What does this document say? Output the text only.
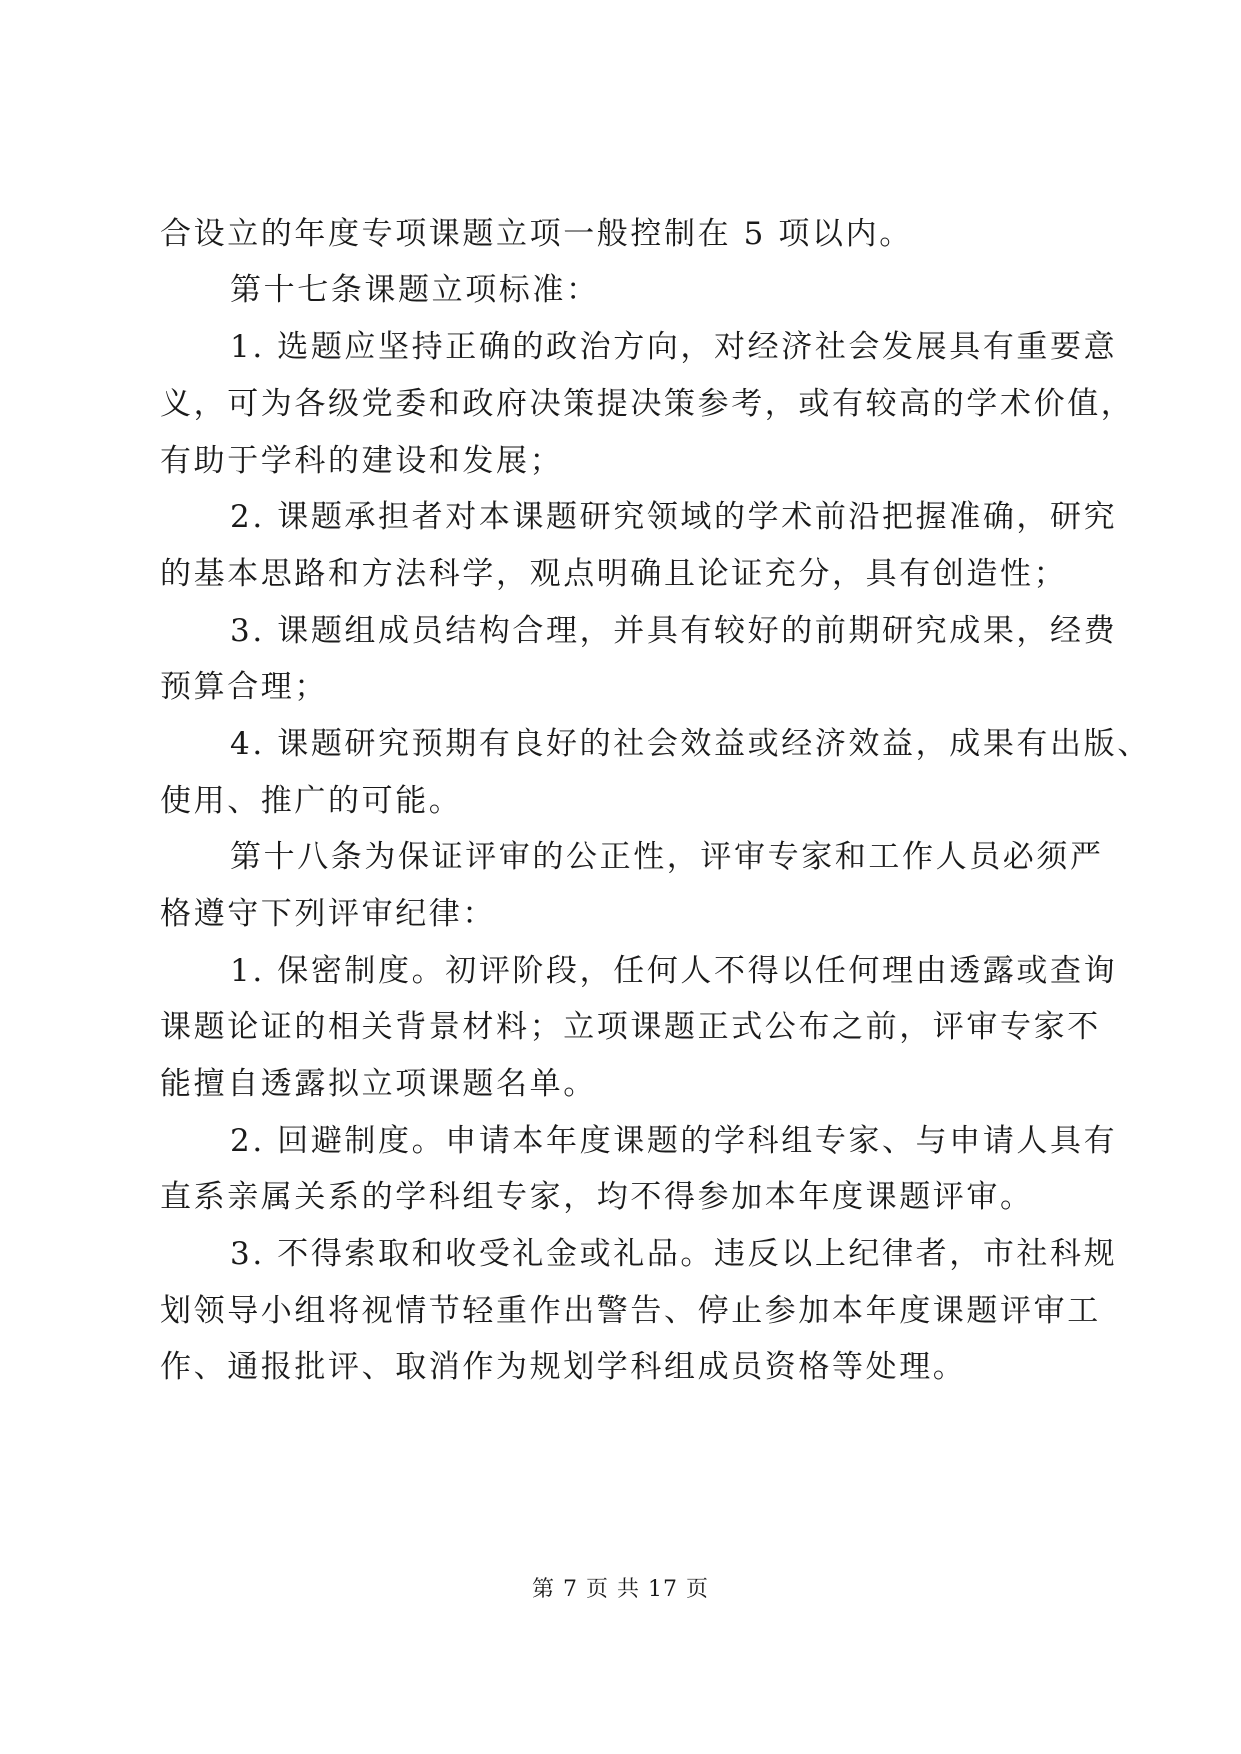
合设立的年度专项课题立项一般控制在 5 项以内。
第十七条课题立项标准：
1. 选题应坚持正确的政治方向，对经济社会发展具有重要意
义，可为各级党委和政府决策提决策参考，或有较高的学术价值，
有助于学科的建设和发展；
2. 课题承担者对本课题研究领域的学术前沿把握准确，研究
的基本思路和方法科学，观点明确且论证充分，具有创造性；
3. 课题组成员结构合理，并具有较好的前期研究成果，经费
预算合理；
4. 课题研究预期有良好的社会效益或经济效益，成果有出版、
使用、推广的可能。
第十八条为保证评审的公正性，评审专家和工作人员必须严
格遵守下列评审纪律：
1. 保密制度。初评阶段，任何人不得以任何理由透露或查询
课题论证的相关背景材料；立项课题正式公布之前，评审专家不
能擅自透露拟立项课题名单。
2. 回避制度。申请本年度课题的学科组专家、与申请人具有
直系亲属关系的学科组专家，均不得参加本年度课题评审。
3. 不得索取和收受礼金或礼品。违反以上纪律者，市社科规
划领导小组将视情节轻重作出警告、停止参加本年度课题评审工
作、通报批评、取消作为规划学科组成员资格等处理。
第 7 页 共 17 页
